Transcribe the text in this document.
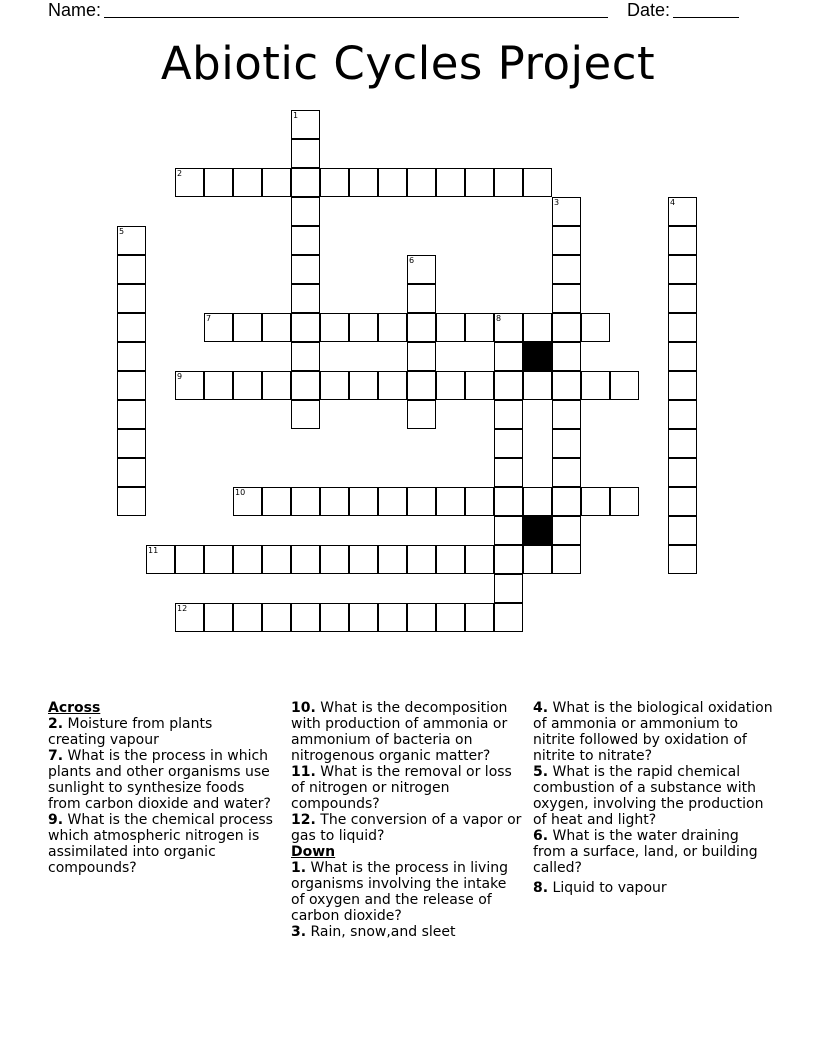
Name:	Date:
Abiotic Cycles Project
1
2
3	4
5
6
7	8
9
10
11
12
Across
2. Moisture from plants creating vapour
7. What is the process in which plants and other organisms use sunlight to synthesize foods from carbon dioxide and water?
9. What is the chemical process which atmospheric nitrogen is assimilated into organic compounds?
10. What is the decomposition with production of ammonia or ammonium of bacteria on nitrogenous organic matter?
11. What is the removal or loss of nitrogen or nitrogen compounds?
12. The conversion of a vapor or gas to liquid?
Down
1. What is the process in living organisms involving the intake of oxygen and the release of carbon dioxide?
3. Rain, snow,and sleet
4. What is the biological oxidation of ammonia or ammonium to nitrite followed by oxidation of nitrite to nitrate?
5. What is the rapid chemical combustion of a substance with oxygen, involving the production of heat and light?
6. What is the water draining from a surface, land, or building called?
8. Liquid to vapour
